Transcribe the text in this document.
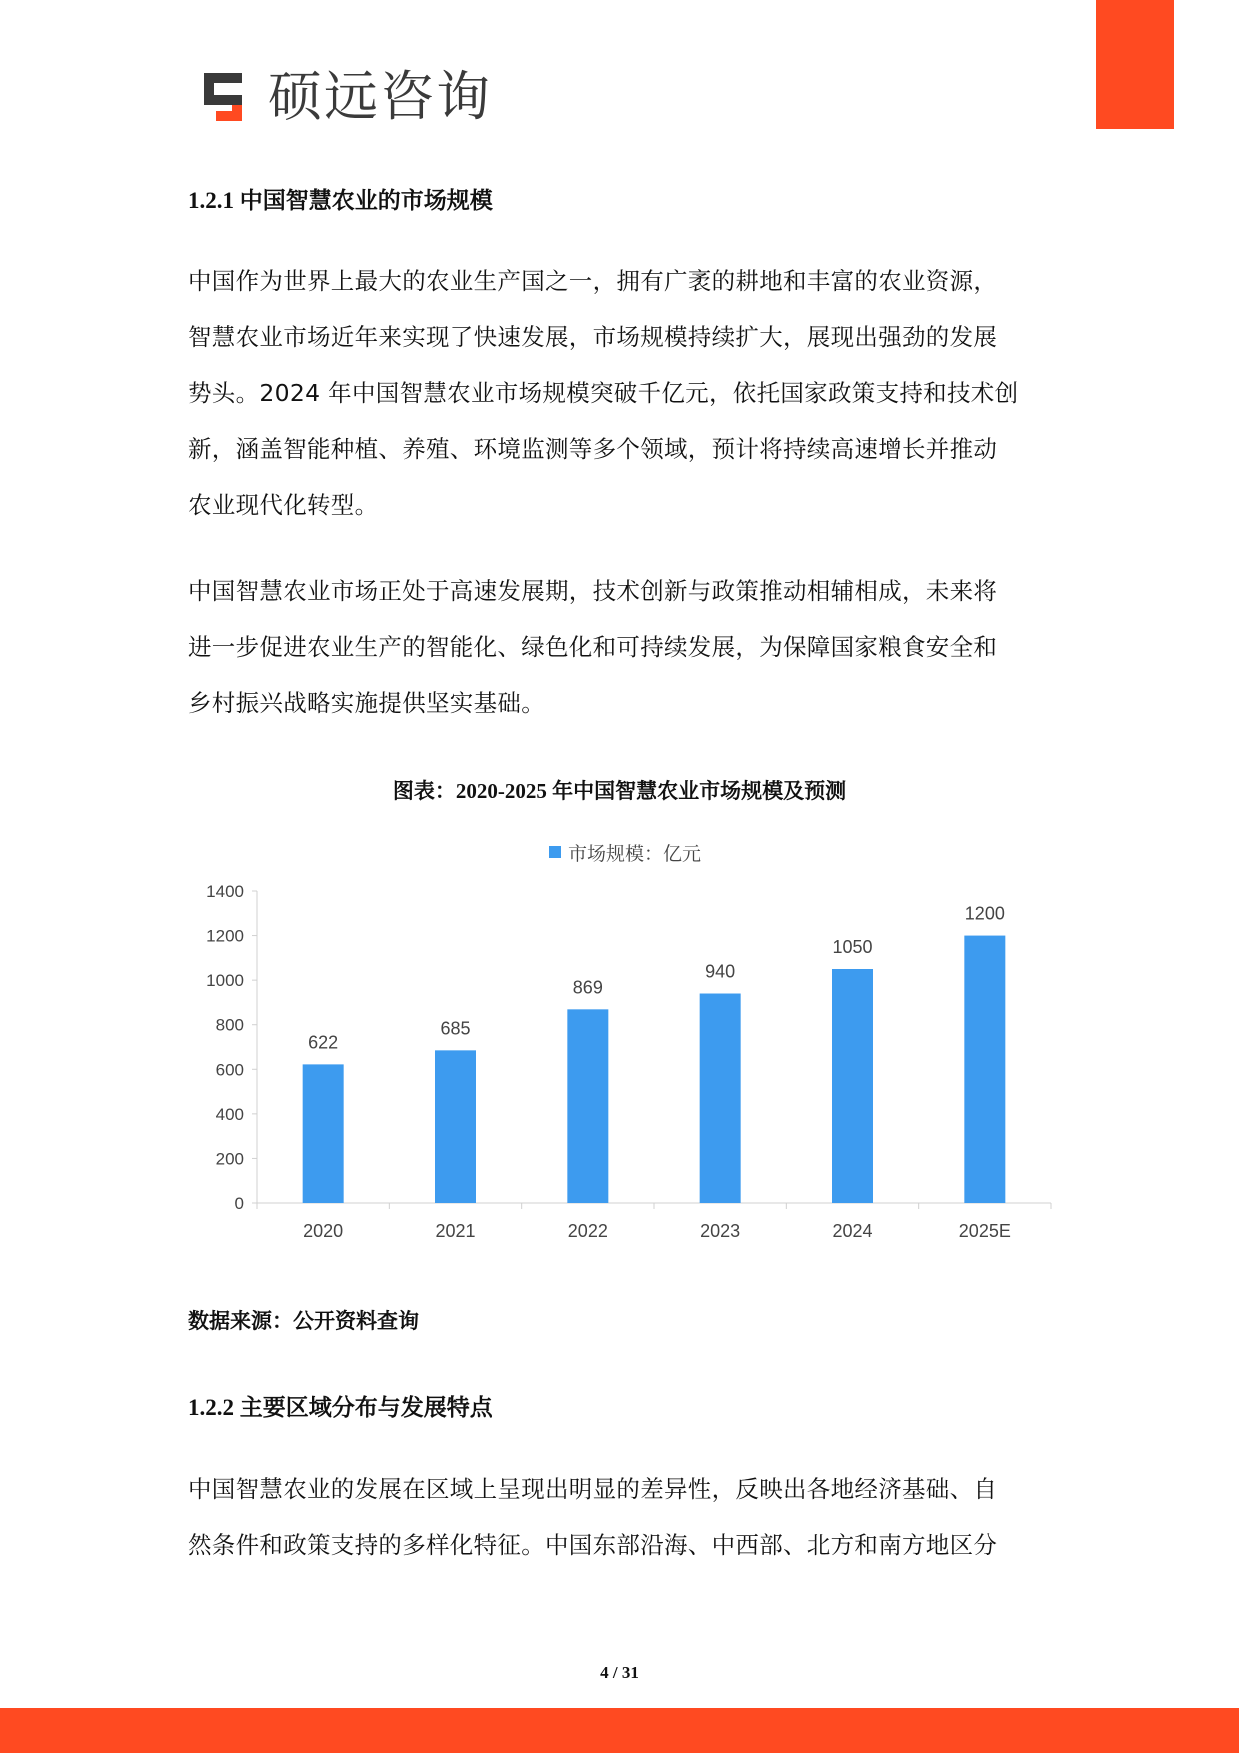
硕远咨询
1.2.1 中国智慧农业的市场规模
中国作为世界上最大的农业生产国之一，拥有广袤的耕地和丰富的农业资源，
智慧农业市场近年来实现了快速发展，市场规模持续扩大，展现出强劲的发展
势头。2024 年中国智慧农业市场规模突破千亿元，依托国家政策支持和技术创
新，涵盖智能种植、养殖、环境监测等多个领域，预计将持续高速增长并推动
农业现代化转型。
中国智慧农业市场正处于高速发展期，技术创新与政策推动相辅相成，未来将
进一步促进农业生产的智能化、绿色化和可持续发展，为保障国家粮食安全和
乡村振兴战略实施提供坚实基础。
图表：2020-2025 年中国智慧农业市场规模及预测
市场规模：亿元
0
200
400
600
800
1000
1200
1400
622
2020
685
2021
869
2022
940
2023
1050
2024
1200
2025E
数据来源：公开资料查询
1.2.2 主要区域分布与发展特点
中国智慧农业的发展在区域上呈现出明显的差异性，反映出各地经济基础、自
然条件和政策支持的多样化特征。中国东部沿海、中西部、北方和南方地区分
4 / 31
